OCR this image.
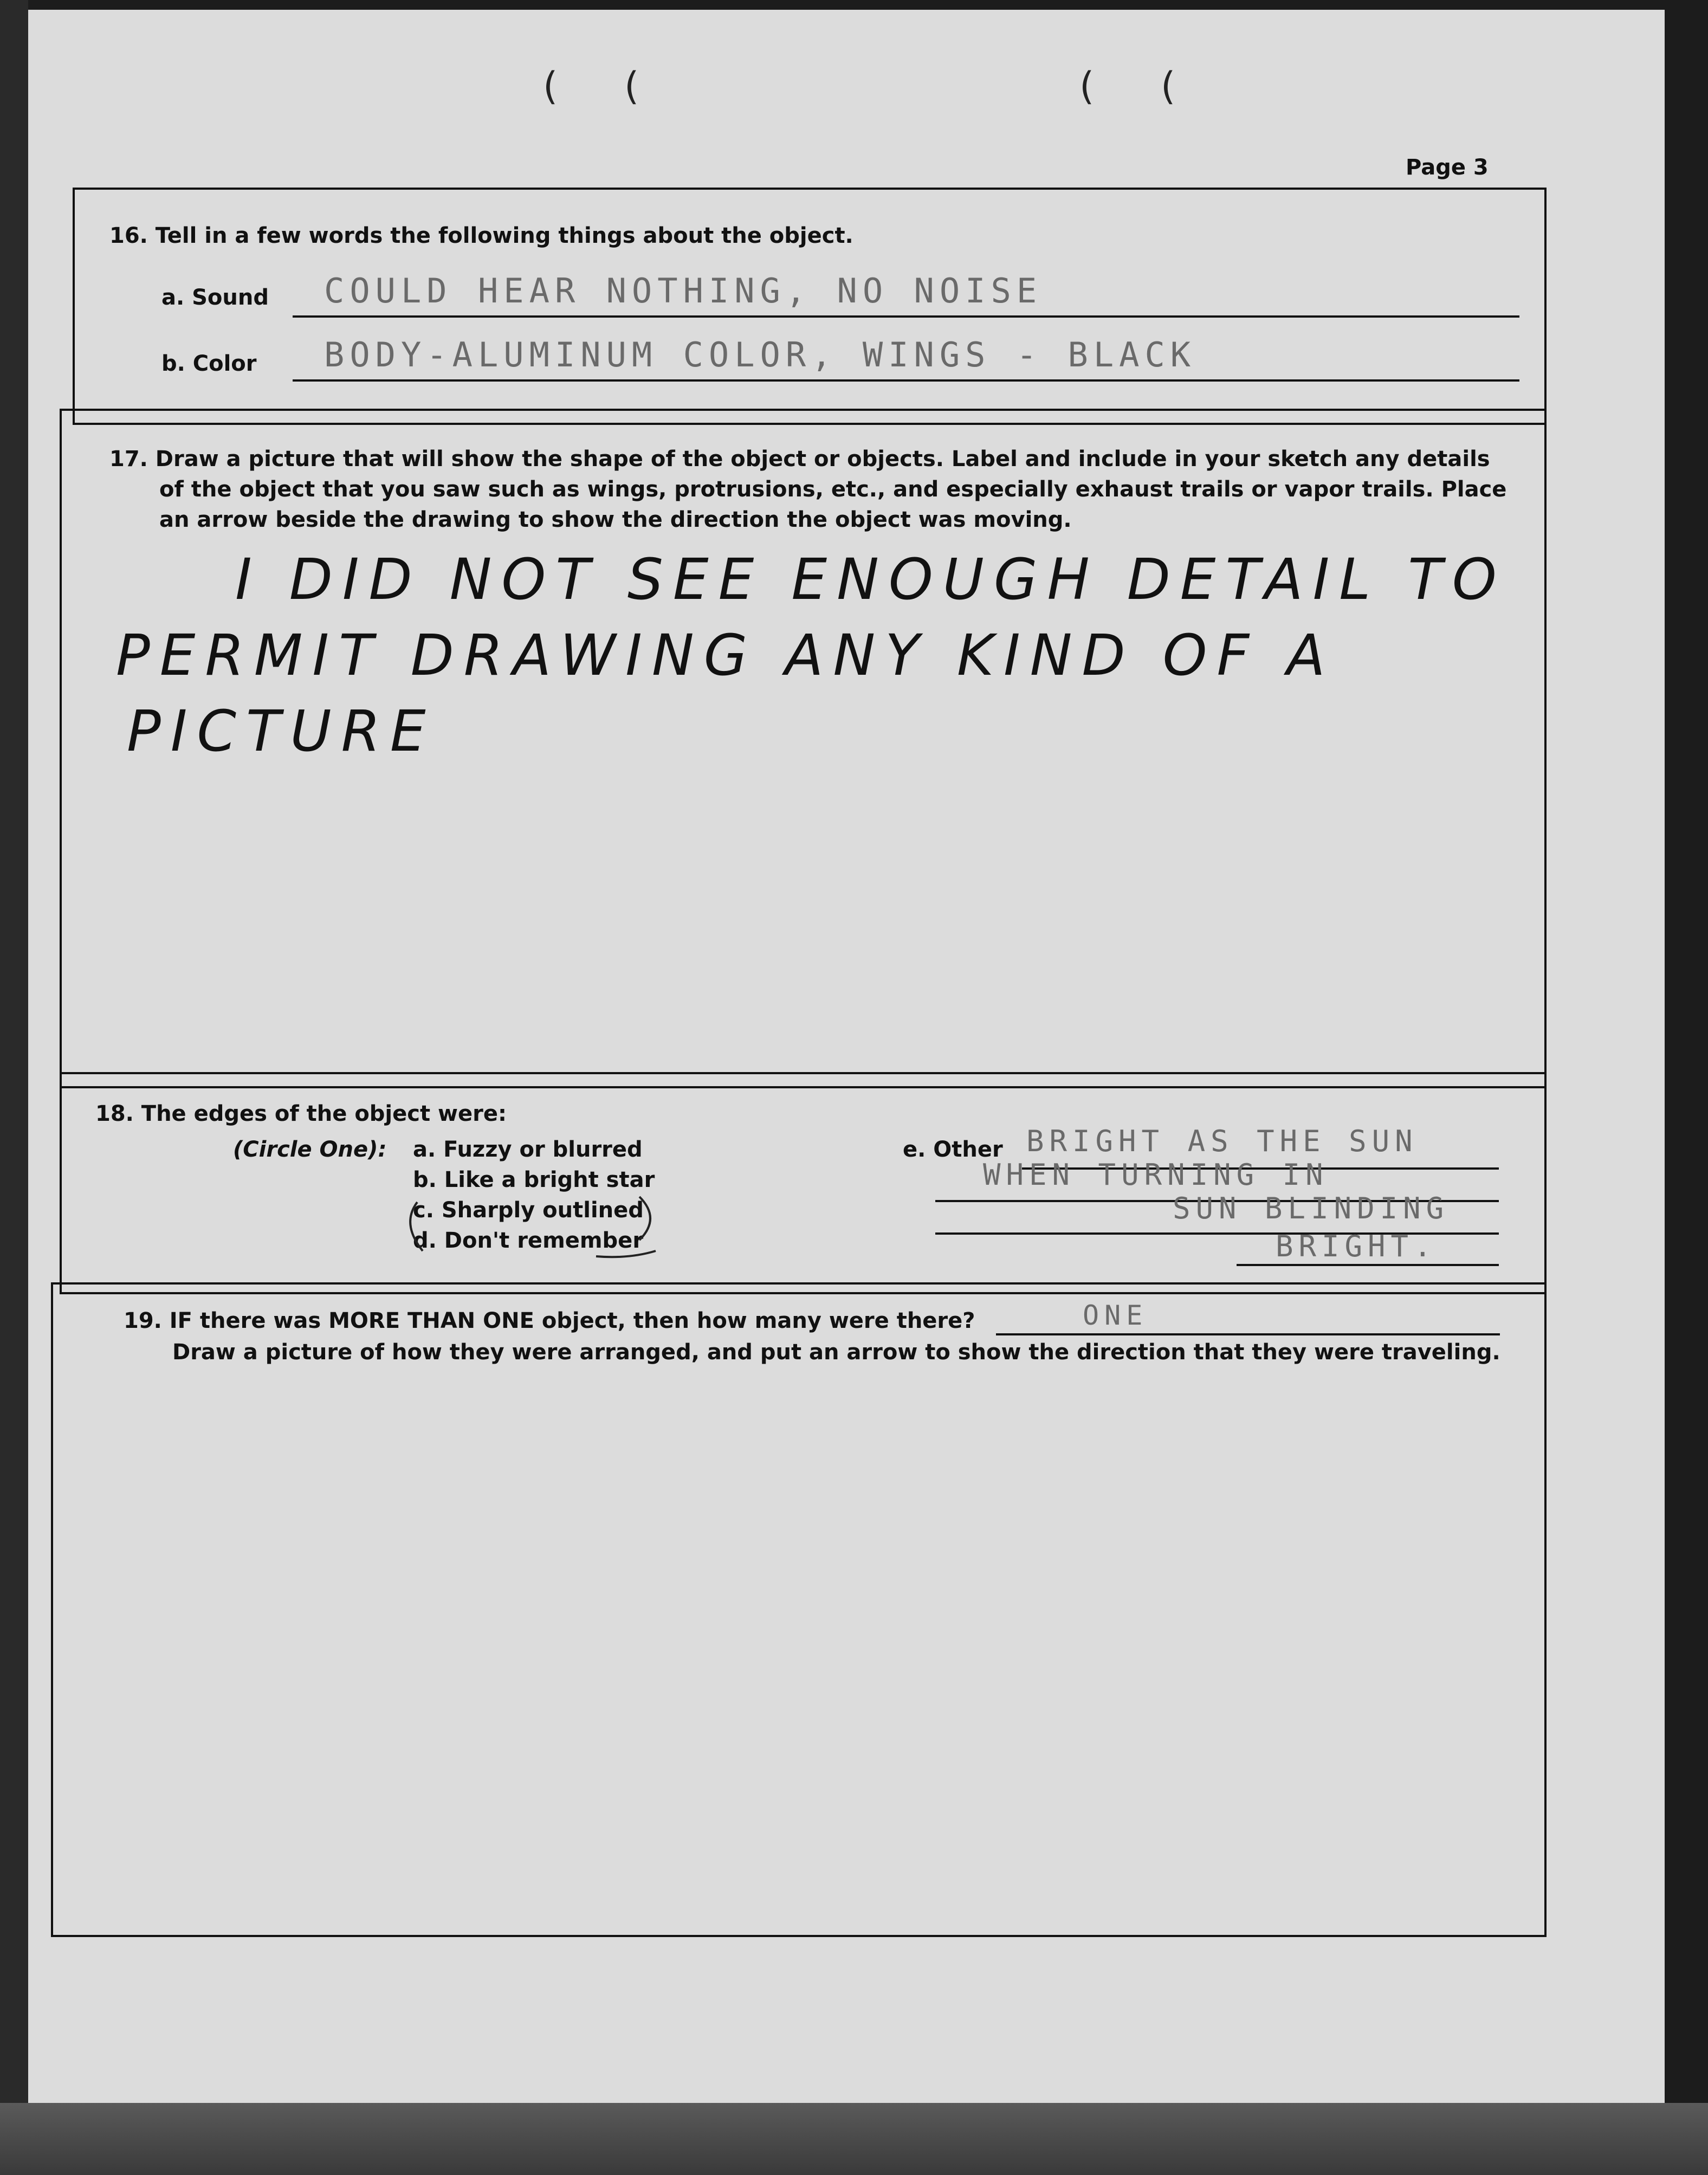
( (	( (
Page 3
16. Tell in a few words the following things about the object.
a. Sound COULD HEAR NOTHING, NO NOISE
b. Color BODY-ALUMINUM COLOR, WINGS - BLACK
17. Draw a picture that will show the shape of the object or objects. Label and include in your sketch any details
of the object that you saw such as wings, protrusions, etc., and especially exhaust trails or vapor trails. Place
an arrow beside the drawing to show the direction the object was moving.
I DID NOT SEE ENOUGH DETAIL TO
PERMIT DRAWING ANY KIND OF A
PICTURE
18. The edges of the object were:
(Circle One): a. Fuzzy or blurred
b. Like a bright star
c. Sharply outlined
d. Don't remember
e. Other BRIGHT AS THE SUN
WHEN TURNING IN
SUN BLINDING
BRIGHT.
19. IF there was MORE THAN ONE object, then how many were there?	ONE
Draw a picture of how they were arranged, and put an arrow to show the direction that they were traveling.
